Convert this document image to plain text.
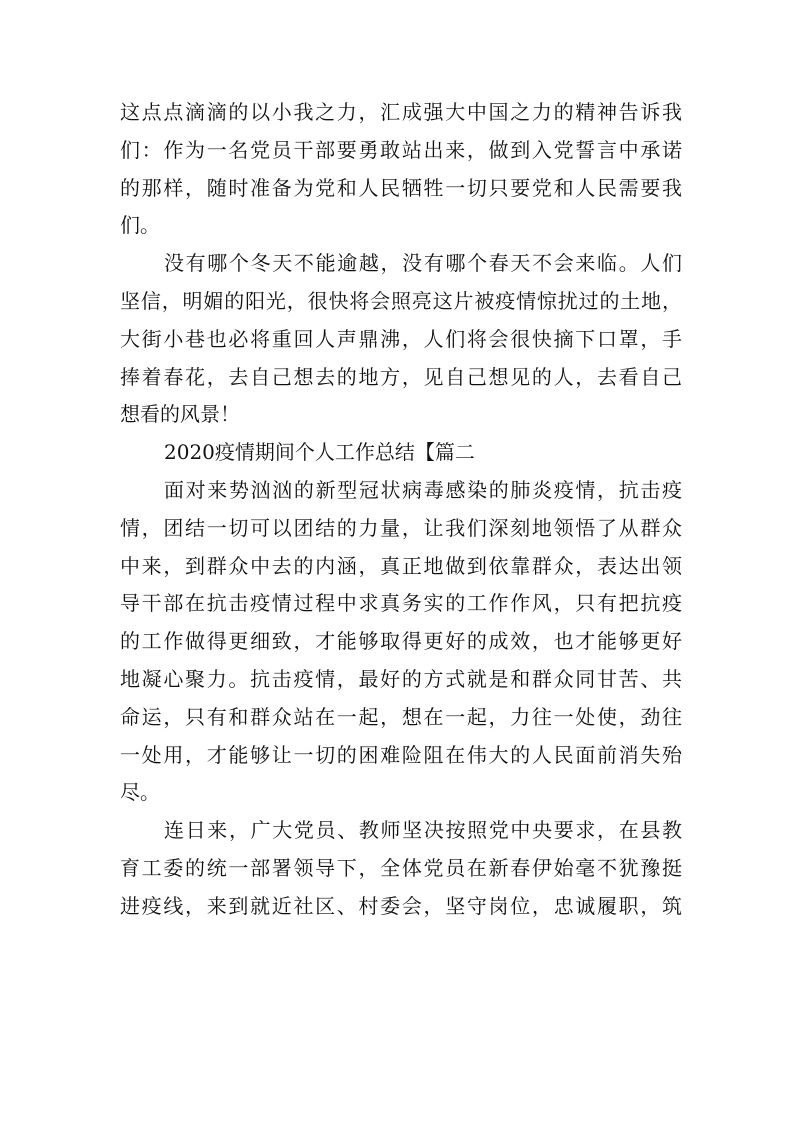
这点点滴滴的以小我之力，汇成强大中国之力的精神告诉我
们：作为一名党员干部要勇敢站出来，做到入党誓言中承诺
的那样，随时准备为党和人民牺牲一切只要党和人民需要我
们。
没有哪个冬天不能逾越，没有哪个春天不会来临。人们
坚信，明媚的阳光，很快将会照亮这片被疫情惊扰过的土地，
大街小巷也必将重回人声鼎沸，人们将会很快摘下口罩，手
捧着春花，去自己想去的地方，见自己想见的人，去看自己
想看的风景！
2020疫情期间个人工作总结【篇二
面对来势汹汹的新型冠状病毒感染的肺炎疫情，抗击疫
情，团结一切可以团结的力量，让我们深刻地领悟了从群众
中来，到群众中去的内涵，真正地做到依靠群众，表达出领
导干部在抗击疫情过程中求真务实的工作作风，只有把抗疫
的工作做得更细致，才能够取得更好的成效，也才能够更好
地凝心聚力。抗击疫情，最好的方式就是和群众同甘苦、共
命运，只有和群众站在一起，想在一起，力往一处使，劲往
一处用，才能够让一切的困难险阻在伟大的人民面前消失殆
尽。
连日来，广大党员、教师坚决按照党中央要求，在县教
育工委的统一部署领导下，全体党员在新春伊始毫不犹豫挺
进疫线，来到就近社区、村委会，坚守岗位，忠诚履职，筑
